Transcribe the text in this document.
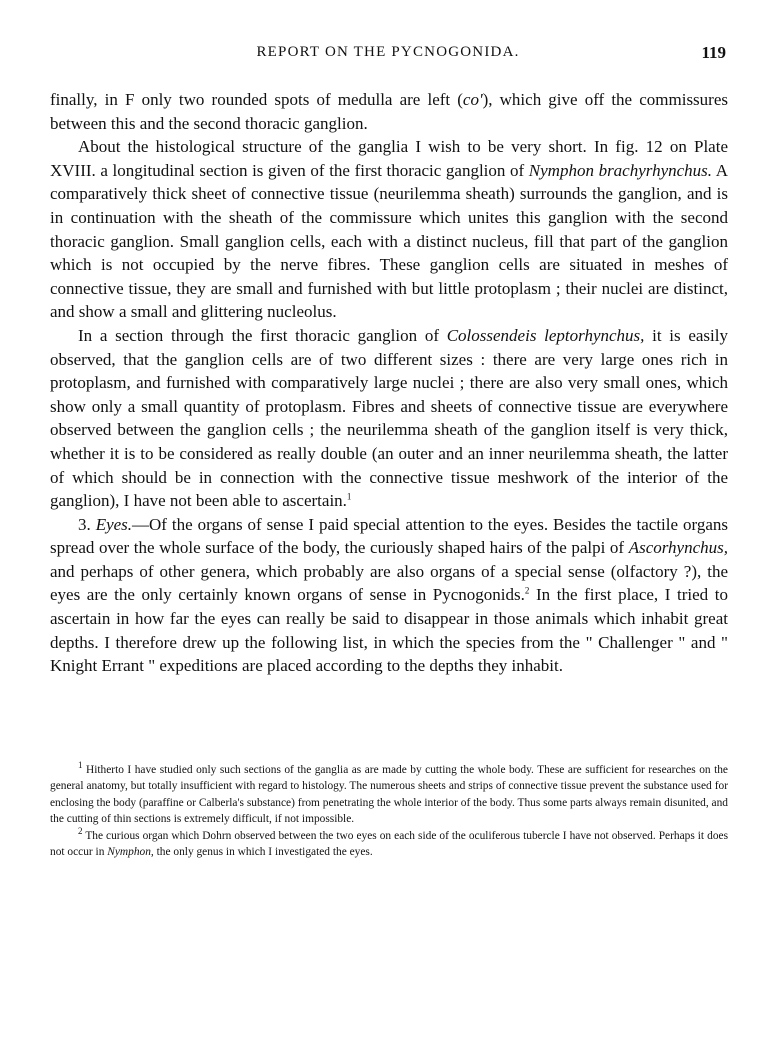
REPORT ON THE PYCNOGONIDA.	119

finally, in F only two rounded spots of medulla are left (co'), which give off the commissures between this and the second thoracic ganglion.

About the histological structure of the ganglia I wish to be very short. In fig. 12 on Plate XVIII. a longitudinal section is given of the first thoracic ganglion of Nymphon brachyrhynchus. A comparatively thick sheet of connective tissue (neurilemma sheath) surrounds the ganglion, and is in continuation with the sheath of the commissure which unites this ganglion with the second thoracic ganglion. Small ganglion cells, each with a distinct nucleus, fill that part of the ganglion which is not occupied by the nerve fibres. These ganglion cells are situated in meshes of connective tissue, they are small and furnished with but little protoplasm ; their nuclei are distinct, and show a small and glittering nucleolus.

In a section through the first thoracic ganglion of Colossendeis leptorhynchus, it is easily observed, that the ganglion cells are of two different sizes : there are very large ones rich in protoplasm, and furnished with comparatively large nuclei ; there are also very small ones, which show only a small quantity of protoplasm. Fibres and sheets of connective tissue are everywhere observed between the ganglion cells ; the neurilemma sheath of the ganglion itself is very thick, whether it is to be considered as really double (an outer and an inner neurilemma sheath, the latter of which should be in connection with the connective tissue meshwork of the interior of the ganglion), I have not been able to ascertain.$^1$

3. Eyes.—Of the organs of sense I paid special attention to the eyes. Besides the tactile organs spread over the whole surface of the body, the curiously shaped hairs of the palpi of Ascorhynchus, and perhaps of other genera, which probably are also organs of a special sense (olfactory ?), the eyes are the only certainly known organs of sense in Pycnogonids.$^2$ In the first place, I tried to ascertain in how far the eyes can really be said to disappear in those animals which inhabit great depths. I therefore drew up the following list, in which the species from the " Challenger " and " Knight Errant " expeditions are placed according to the depths they inhabit.

$^1$ Hitherto I have studied only such sections of the ganglia as are made by cutting the whole body. These are sufficient for researches on the general anatomy, but totally insufficient with regard to histology. The numerous sheets and strips of connective tissue prevent the substance used for enclosing the body (paraffine or Calberla's substance) from penetrating the whole interior of the body. Thus some parts always remain disunited, and the cutting of thin sections is extremely difficult, if not impossible.

$^2$ The curious organ which Dohrn observed between the two eyes on each side of the oculiferous tubercle I have not observed. Perhaps it does not occur in Nymphon, the only genus in which I investigated the eyes.
